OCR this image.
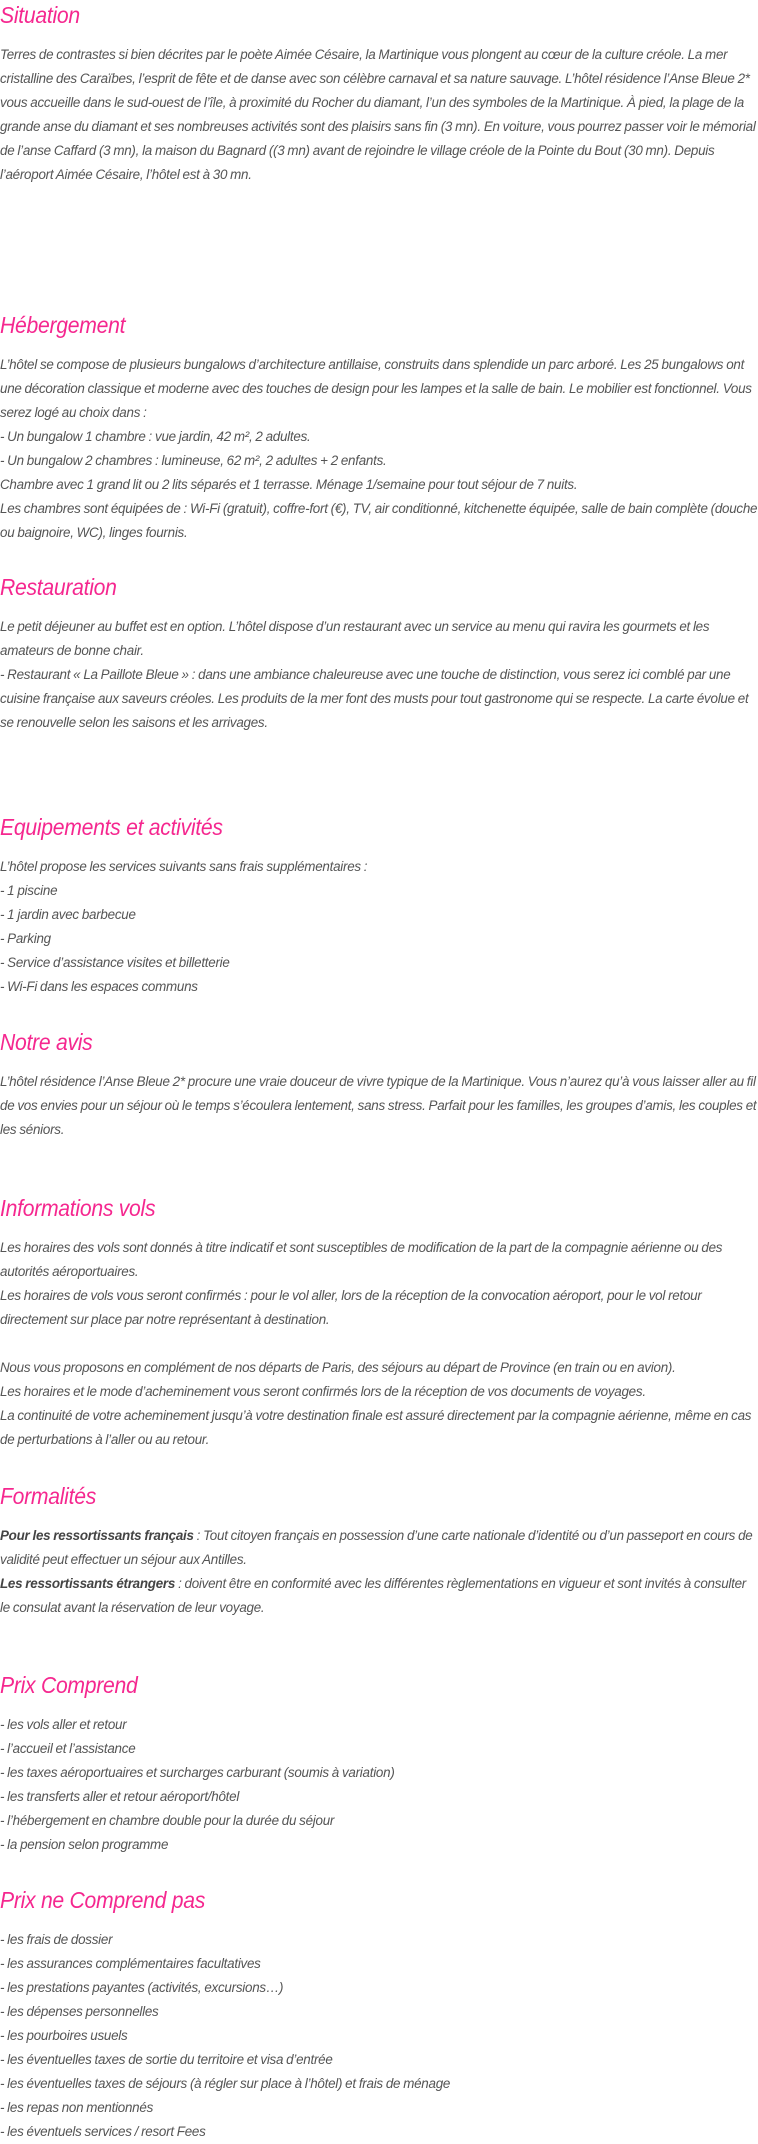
Situation

Terres de contrastes si bien décrites par le poète Aimée Césaire, la Martinique vous plongent au cœur de la culture créole. La mer cristalline des Caraïbes, l’esprit de fête et de danse avec son célèbre carnaval et sa nature sauvage. L’hôtel résidence l’Anse Bleue 2* vous accueille dans le sud-ouest de l’île, à proximité du Rocher du diamant, l’un des symboles de la Martinique. À pied, la plage de la grande anse du diamant et ses nombreuses activités sont des plaisirs sans fin (3 mn). En voiture, vous pourrez passer voir le mémorial de l’anse Caffard (3 mn), la maison du Bagnard ((3 mn) avant de rejoindre le village créole de la Pointe du Bout (30 mn). Depuis l’aéroport Aimée Césaire, l’hôtel est à 30 mn.

Hébergement

L’hôtel se compose de plusieurs bungalows d’architecture antillaise, construits dans splendide un parc arboré. Les 25 bungalows ont une décoration classique et moderne avec des touches de design pour les lampes et la salle de bain. Le mobilier est fonctionnel. Vous serez logé au choix dans :

- Un bungalow 1 chambre : vue jardin, 42 m², 2 adultes.

- Un bungalow 2 chambres : lumineuse, 62 m², 2 adultes + 2 enfants.

Chambre avec 1 grand lit ou 2 lits séparés et 1 terrasse. Ménage 1/semaine pour tout séjour de 7 nuits.

Les chambres sont équipées de : Wi-Fi (gratuit), coffre-fort (€), TV, air conditionné, kitchenette équipée, salle de bain complète (douche ou baignoire, WC), linges fournis.

Restauration

Le petit déjeuner au buffet est en option. L’hôtel dispose d’un restaurant avec un service au menu qui ravira les gourmets et les amateurs de bonne chair.

- Restaurant « La Paillote Bleue » : dans une ambiance chaleureuse avec une touche de distinction, vous serez ici comblé par une cuisine française aux saveurs créoles. Les produits de la mer font des musts pour tout gastronome qui se respecte. La carte évolue et se renouvelle selon les saisons et les arrivages.

Equipements et activités

L’hôtel propose les services suivants sans frais supplémentaires :

- 1 piscine

- 1 jardin avec barbecue

- Parking

- Service d’assistance visites et billetterie

- Wi-Fi dans les espaces communs

Notre avis

L’hôtel résidence l’Anse Bleue 2* procure une vraie douceur de vivre typique de la Martinique. Vous n’aurez qu’à vous laisser aller au fil de vos envies pour un séjour où le temps s’écoulera lentement, sans stress. Parfait pour les familles, les groupes d’amis, les couples et les séniors.

Informations vols

Les horaires des vols sont donnés à titre indicatif et sont susceptibles de modification de la part de la compagnie aérienne ou des autorités aéroportuaires.

Les horaires de vols vous seront confirmés : pour le vol aller, lors de la réception de la convocation aéroport, pour le vol retour directement sur place par notre représentant à destination.

Nous vous proposons en complément de nos départs de Paris, des séjours au départ de Province (en train ou en avion).

Les horaires et le mode d’acheminement vous seront confirmés lors de la réception de vos documents de voyages.

La continuité de votre acheminement jusqu’à votre destination finale est assuré directement par la compagnie aérienne, même en cas de perturbations à l’aller ou au retour.

Formalités

Pour les ressortissants français : Tout citoyen français en possession d’une carte nationale d’identité ou d’un passeport en cours de validité peut effectuer un séjour aux Antilles.

Les ressortissants étrangers : doivent être en conformité avec les différentes règlementations en vigueur et sont invités à consulter le consulat avant la réservation de leur voyage.

Prix Comprend

- les vols aller et retour

- l’accueil et l’assistance

- les taxes aéroportuaires et surcharges carburant (soumis à variation)

- les transferts aller et retour aéroport/hôtel

- l’hébergement en chambre double pour la durée du séjour

- la pension selon programme

Prix ne Comprend pas

- les frais de dossier

- les assurances complémentaires facultatives

- les prestations payantes (activités, excursions…)

- les dépenses personnelles

- les pourboires usuels

- les éventuelles taxes de sortie du territoire et visa d’entrée

- les éventuelles taxes de séjours (à régler sur place à l’hôtel) et frais de ménage

- les repas non mentionnés

- les éventuels services / resort Fees
